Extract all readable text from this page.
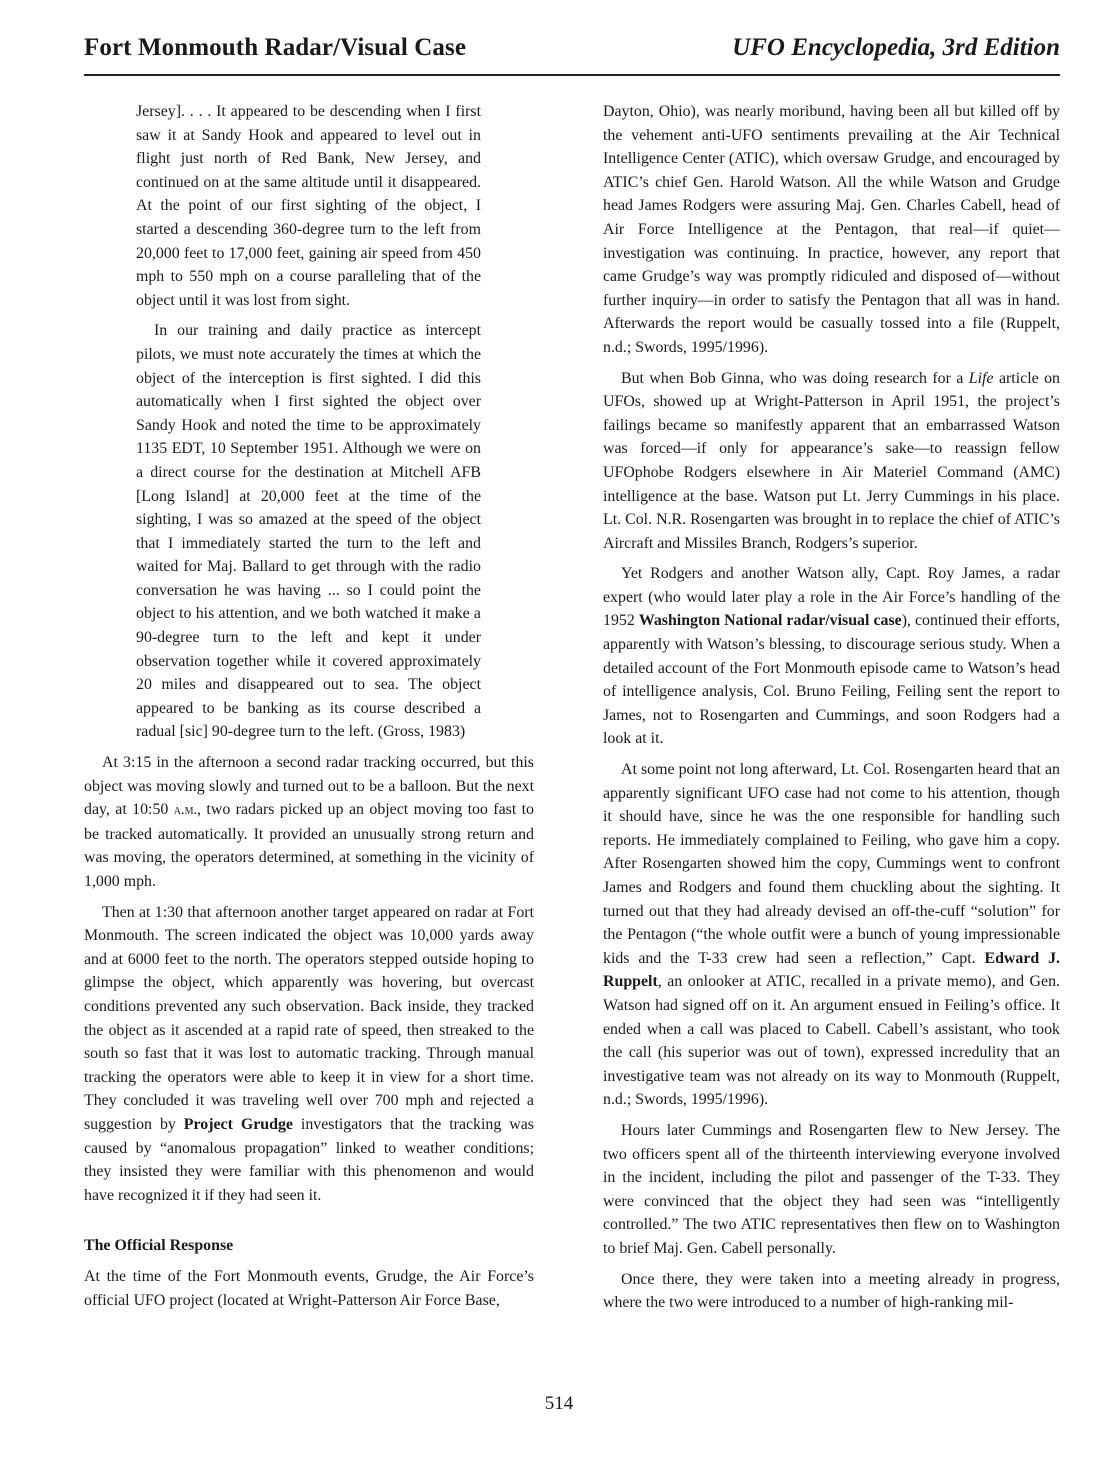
Fort Monmouth Radar/Visual Case	UFO Encyclopedia, 3rd Edition

Jersey]. . . . It appeared to be descending when I first saw it at Sandy Hook and appeared to level out in flight just north of Red Bank, New Jersey, and continued on at the same altitude until it disappeared. At the point of our first sighting of the object, I started a descending 360-degree turn to the left from 20,000 feet to 17,000 feet, gaining air speed from 450 mph to 550 mph on a course paralleling that of the object until it was lost from sight.

In our training and daily practice as intercept pilots, we must note accurately the times at which the object of the interception is first sighted. I did this automatically when I first sighted the object over Sandy Hook and noted the time to be approximately 1135 EDT, 10 September 1951. Although we were on a direct course for the destination at Mitchell AFB [Long Island] at 20,000 feet at the time of the sighting, I was so amazed at the speed of the object that I immediately started the turn to the left and waited for Maj. Ballard to get through with the radio conversation he was having ... so I could point the object to his attention, and we both watched it make a 90-degree turn to the left and kept it under observation together while it covered approximately 20 miles and disappeared out to sea. The object appeared to be banking as its course described a radual [sic] 90-degree turn to the left. (Gross, 1983)

At 3:15 in the afternoon a second radar tracking occurred, but this object was moving slowly and turned out to be a balloon. But the next day, at 10:50 a.m., two radars picked up an object moving too fast to be tracked automatically. It provided an unusually strong return and was moving, the operators determined, at something in the vicinity of 1,000 mph.

Then at 1:30 that afternoon another target appeared on radar at Fort Monmouth. The screen indicated the object was 10,000 yards away and at 6000 feet to the north. The operators stepped outside hoping to glimpse the object, which apparently was hovering, but overcast conditions prevented any such observation. Back inside, they tracked the object as it ascended at a rapid rate of speed, then streaked to the south so fast that it was lost to automatic tracking. Through manual tracking the operators were able to keep it in view for a short time. They concluded it was traveling well over 700 mph and rejected a suggestion by Project Grudge investigators that the tracking was caused by “anomalous propagation” linked to weather conditions; they insisted they were familiar with this phenomenon and would have recognized it if they had seen it.

The Official Response

At the time of the Fort Monmouth events, Grudge, the Air Force’s official UFO project (located at Wright-Patterson Air Force Base,

Dayton, Ohio), was nearly moribund, having been all but killed off by the vehement anti-UFO sentiments prevailing at the Air Technical Intelligence Center (ATIC), which oversaw Grudge, and encouraged by ATIC’s chief Gen. Harold Watson. All the while Watson and Grudge head James Rodgers were assuring Maj. Gen. Charles Cabell, head of Air Force Intelligence at the Pentagon, that real—if quiet—investigation was continuing. In practice, however, any report that came Grudge’s way was promptly ridiculed and disposed of—without further inquiry—in order to satisfy the Pentagon that all was in hand. Afterwards the report would be casually tossed into a file (Ruppelt, n.d.; Swords, 1995/1996).

But when Bob Ginna, who was doing research for a Life article on UFOs, showed up at Wright-Patterson in April 1951, the project’s failings became so manifestly apparent that an embarrassed Watson was forced—if only for appearance’s sake—to reassign fellow UFOphobe Rodgers elsewhere in Air Materiel Command (AMC) intelligence at the base. Watson put Lt. Jerry Cummings in his place. Lt. Col. N.R. Rosengarten was brought in to replace the chief of ATIC’s Aircraft and Missiles Branch, Rodgers’s superior.

Yet Rodgers and another Watson ally, Capt. Roy James, a radar expert (who would later play a role in the Air Force’s handling of the 1952 Washington National radar/visual case), continued their efforts, apparently with Watson’s blessing, to discourage serious study. When a detailed account of the Fort Monmouth episode came to Watson’s head of intelligence analysis, Col. Bruno Feiling, Feiling sent the report to James, not to Rosengarten and Cummings, and soon Rodgers had a look at it.

At some point not long afterward, Lt. Col. Rosengarten heard that an apparently significant UFO case had not come to his attention, though it should have, since he was the one responsible for handling such reports. He immediately complained to Feiling, who gave him a copy. After Rosengarten showed him the copy, Cummings went to confront James and Rodgers and found them chuckling about the sighting. It turned out that they had already devised an off-the-cuff “solution” for the Pentagon (“the whole outfit were a bunch of young impressionable kids and the T-33 crew had seen a reflection,” Capt. Edward J. Ruppelt, an onlooker at ATIC, recalled in a private memo), and Gen. Watson had signed off on it. An argument ensued in Feiling’s office. It ended when a call was placed to Cabell. Cabell’s assistant, who took the call (his superior was out of town), expressed incredulity that an investigative team was not already on its way to Monmouth (Ruppelt, n.d.; Swords, 1995/1996).

Hours later Cummings and Rosengarten flew to New Jersey. The two officers spent all of the thirteenth interviewing everyone involved in the incident, including the pilot and passenger of the T-33. They were convinced that the object they had seen was “intelligently controlled.” The two ATIC representatives then flew on to Washington to brief Maj. Gen. Cabell personally.

Once there, they were taken into a meeting already in progress, where the two were introduced to a number of high-ranking mil-

514
